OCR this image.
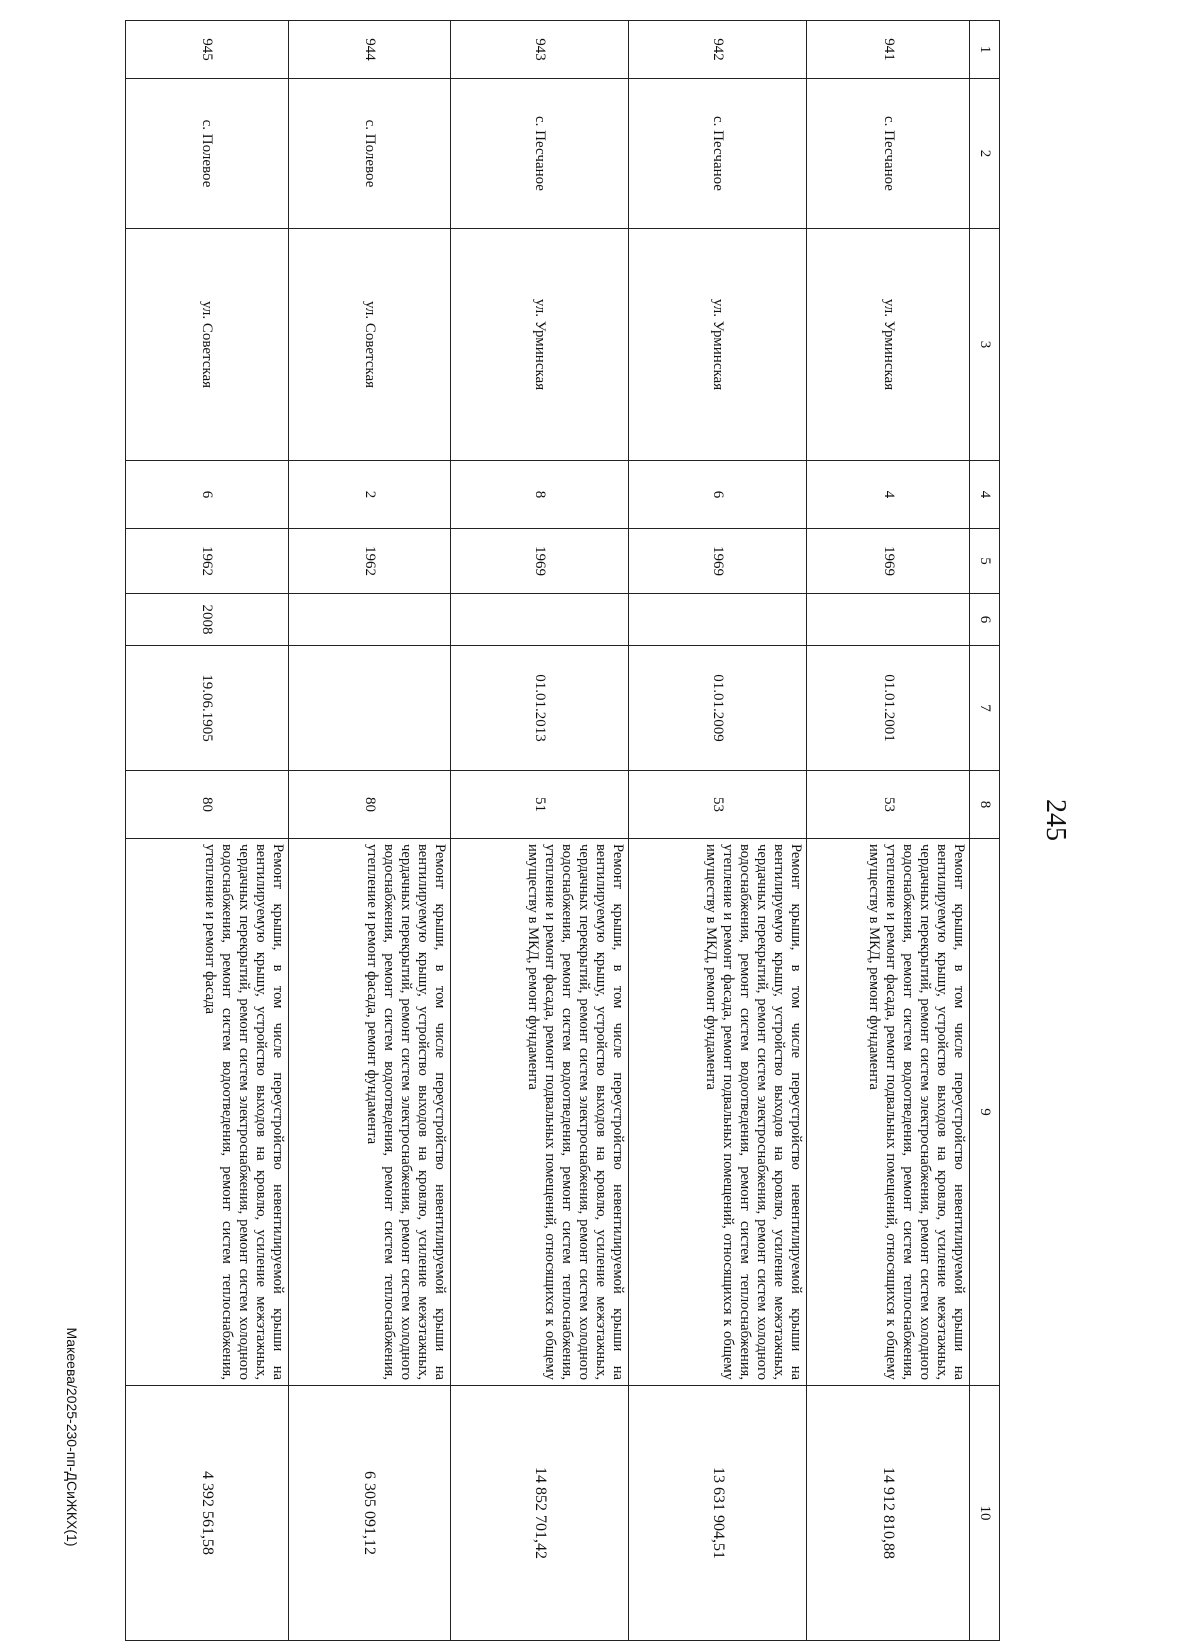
245
1	2	3	4	5	6	7	8	9	10
941	с. Песчаное	ул. Урминская	4	1969		01.01.2001	53	Ремонт крыши, в том числе переустройство невентилируемой крыши на вентилируемую крышу, устройство выходов на кровлю, усиление межэтажных, чердачных перекрытий, ремонт систем электроснабжения, ремонт систем холодного водоснабжения, ремонт систем водоотведения, ремонт систем теплоснабжения, утепление и ремонт фасада, ремонт подвальных помещений, относящихся к общему имуществу в МКД, ремонт фундамента	14 912 810,88
942	с. Песчаное	ул. Урминская	6	1969		01.01.2009	53	Ремонт крыши, в том числе переустройство невентилируемой крыши на вентилируемую крышу, устройство выходов на кровлю, усиление межэтажных, чердачных перекрытий, ремонт систем электроснабжения, ремонт систем холодного водоснабжения, ремонт систем водоотведения, ремонт систем теплоснабжения, утепление и ремонт фасада, ремонт подвальных помещений, относящихся к общему имуществу в МКД, ремонт фундамента	13 631 904,51
943	с. Песчаное	ул. Урминская	8	1969		01.01.2013	51	Ремонт крыши, в том числе переустройство невентилируемой крыши на вентилируемую крышу, устройство выходов на кровлю, усиление межэтажных, чердачных перекрытий, ремонт систем электроснабжения, ремонт систем холодного водоснабжения, ремонт систем водоотведения, ремонт систем теплоснабжения, утепление и ремонт фасада, ремонт подвальных помещений, относящихся к общему имуществу в МКД, ремонт фундамента	14 852 701,42
944	с. Полевое	ул. Советская	2	1962			80	Ремонт крыши, в том числе переустройство невентилируемой крыши на вентилируемую крышу, устройство выходов на кровлю, усиление межэтажных, чердачных перекрытий, ремонт систем электроснабжения, ремонт систем холодного водоснабжения, ремонт систем водоотведения, ремонт систем теплоснабжения, утепление и ремонт фасада, ремонт фундамента	6 305 091,12
945	с. Полевое	ул. Советская	6	1962	2008	19.06.1905	80	Ремонт крыши, в том числе переустройство невентилируемой крыши на вентилируемую крышу, устройство выходов на кровлю, усиление межэтажных, чердачных перекрытий, ремонт систем электроснабжения, ремонт систем холодного водоснабжения, ремонт систем водоотведения, ремонт систем теплоснабжения, утепление и ремонт фасада	4 392 561,58
Макеева/2025-230-пп-ДСиЖКХ(1)
